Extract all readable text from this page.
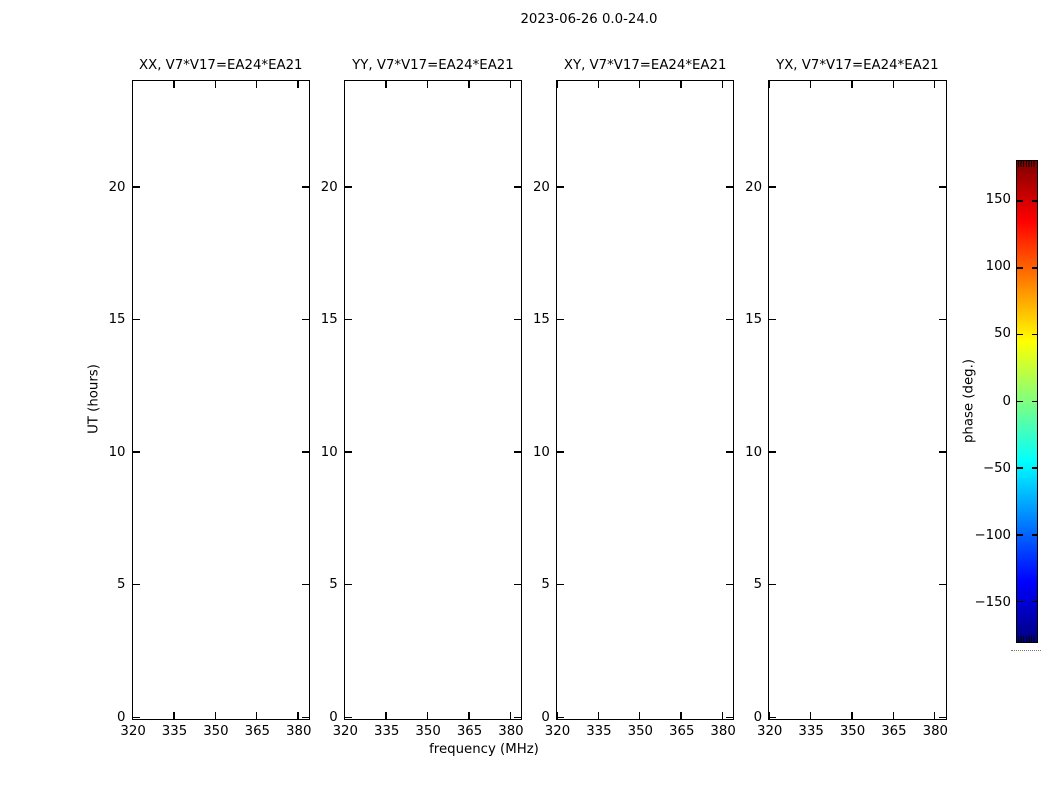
2023-06-26 0.0-24.0
XX, V7*V17=EA24*EA21
320 335 350 365 380
0
5
10
15
20
YY, V7*V17=EA24*EA21
320 335 350 365 380
0
5
10
15
20
XY, V7*V17=EA24*EA21
320 335 350 365 380
0
5
10
15
20
YX, V7*V17=EA24*EA21
320 335 350 365 380
0
5
10
15
20
frequency (MHz)
UT (hours)
150
100
50
0
−50
−100
−150
phase (deg.)
